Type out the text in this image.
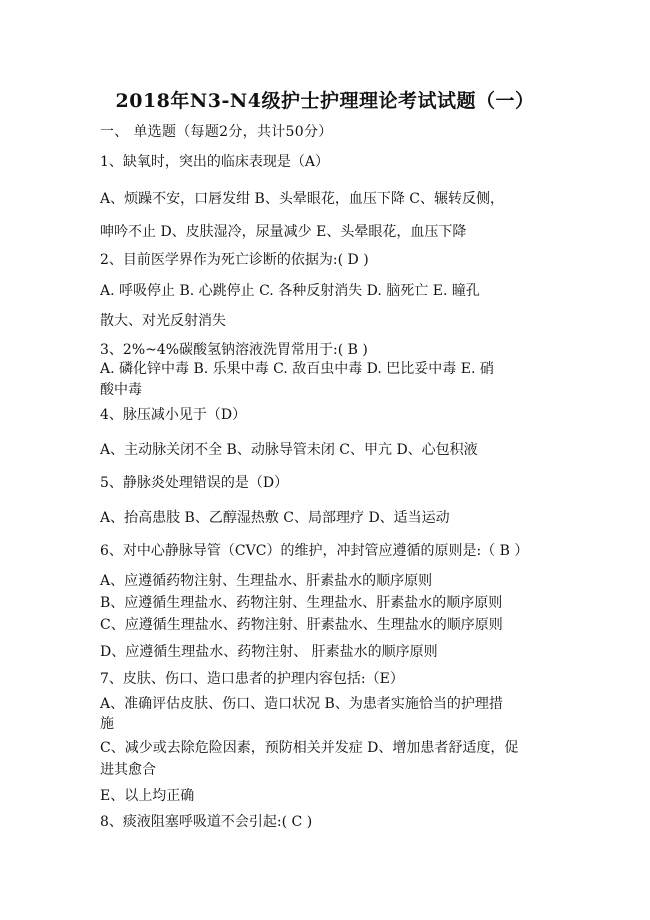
2018年N3-N4级护士护理理论考试试题（一）

一、 单选题（每题2分，共计50分）

1、缺氧时，突出的临床表现是（A）

A、烦躁不安，口唇发绀 B、头晕眼花，血压下降 C、辗转反侧，

呻吟不止 D、皮肤湿冷，尿量减少 E、头晕眼花，血压下降

2、目前医学界作为死亡诊断的依据为:( D )

A. 呼吸停止 B. 心跳停止 C. 各种反射消失 D. 脑死亡 E. 瞳孔

散大、对光反射消失

3、2%~4%碳酸氢钠溶液洗胃常用于:( B )

A. 磷化锌中毒 B. 乐果中毒 C. 敌百虫中毒 D. 巴比妥中毒 E. 硝

酸中毒

4、脉压减小见于（D）

A、主动脉关闭不全 B、动脉导管未闭 C、甲亢 D、心包积液

5、静脉炎处理错误的是（D）

A、抬高患肢 B、乙醇湿热敷 C、局部理疗 D、适当运动

6、对中心静脉导管（CVC）的维护，冲封管应遵循的原则是:（ B ）

A、应遵循药物注射、生理盐水、肝素盐水的顺序原则

B、应遵循生理盐水、药物注射、生理盐水、肝素盐水的顺序原则

C、应遵循生理盐水、药物注射、肝素盐水、生理盐水的顺序原则

D、应遵循生理盐水、药物注射、 肝素盐水的顺序原则

7、皮肤、伤口、造口患者的护理内容包括:（E）

A、准确评估皮肤、伤口、造口状况 B、为患者实施恰当的护理措

施

C、减少或去除危险因素，预防相关并发症 D、增加患者舒适度，促

进其愈合

E、以上均正确

8、痰液阻塞呼吸道不会引起:( C )
